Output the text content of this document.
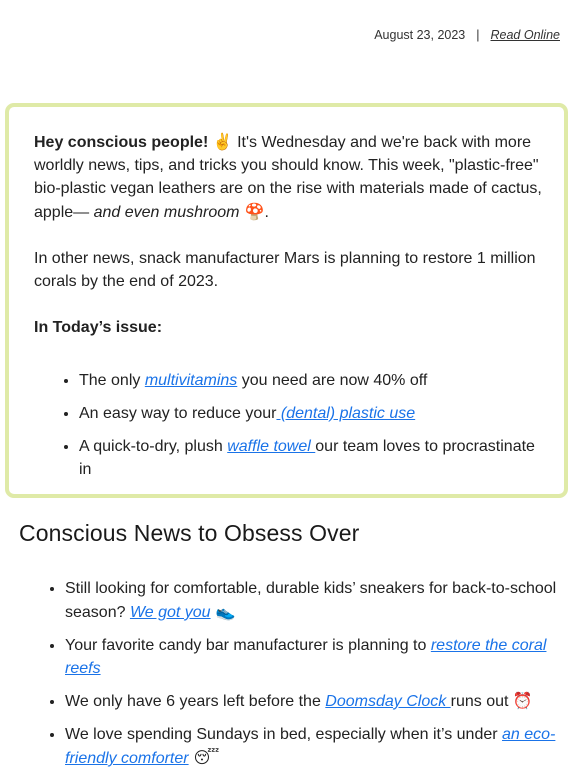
August 23, 2023 | Read Online

Hey conscious people! ✌️ It's Wednesday and we're back with more worldly news, tips, and tricks you should know. This week, "plastic-free" bio-plastic vegan leathers are on the rise with materials made of cactus, apple— and even mushroom 🍄.

In other news, snack manufacturer Mars is planning to restore 1 million corals by the end of 2023.

In Today’s issue:

• The only multivitamins you need are now 40% off
• An easy way to reduce your (dental) plastic use
• A quick-to-dry, plush waffle towel our team loves to procrastinate in
Conscious News to Obsess Over
• Still looking for comfortable, durable kids’ sneakers for back-to-school season? We got you 👟
• Your favorite candy bar manufacturer is planning to restore the coral reefs
• We only have 6 years left before the Doomsday Clock runs out ⏰
• We love spending Sundays in bed, especially when it’s under an eco-friendly comforter 😴
